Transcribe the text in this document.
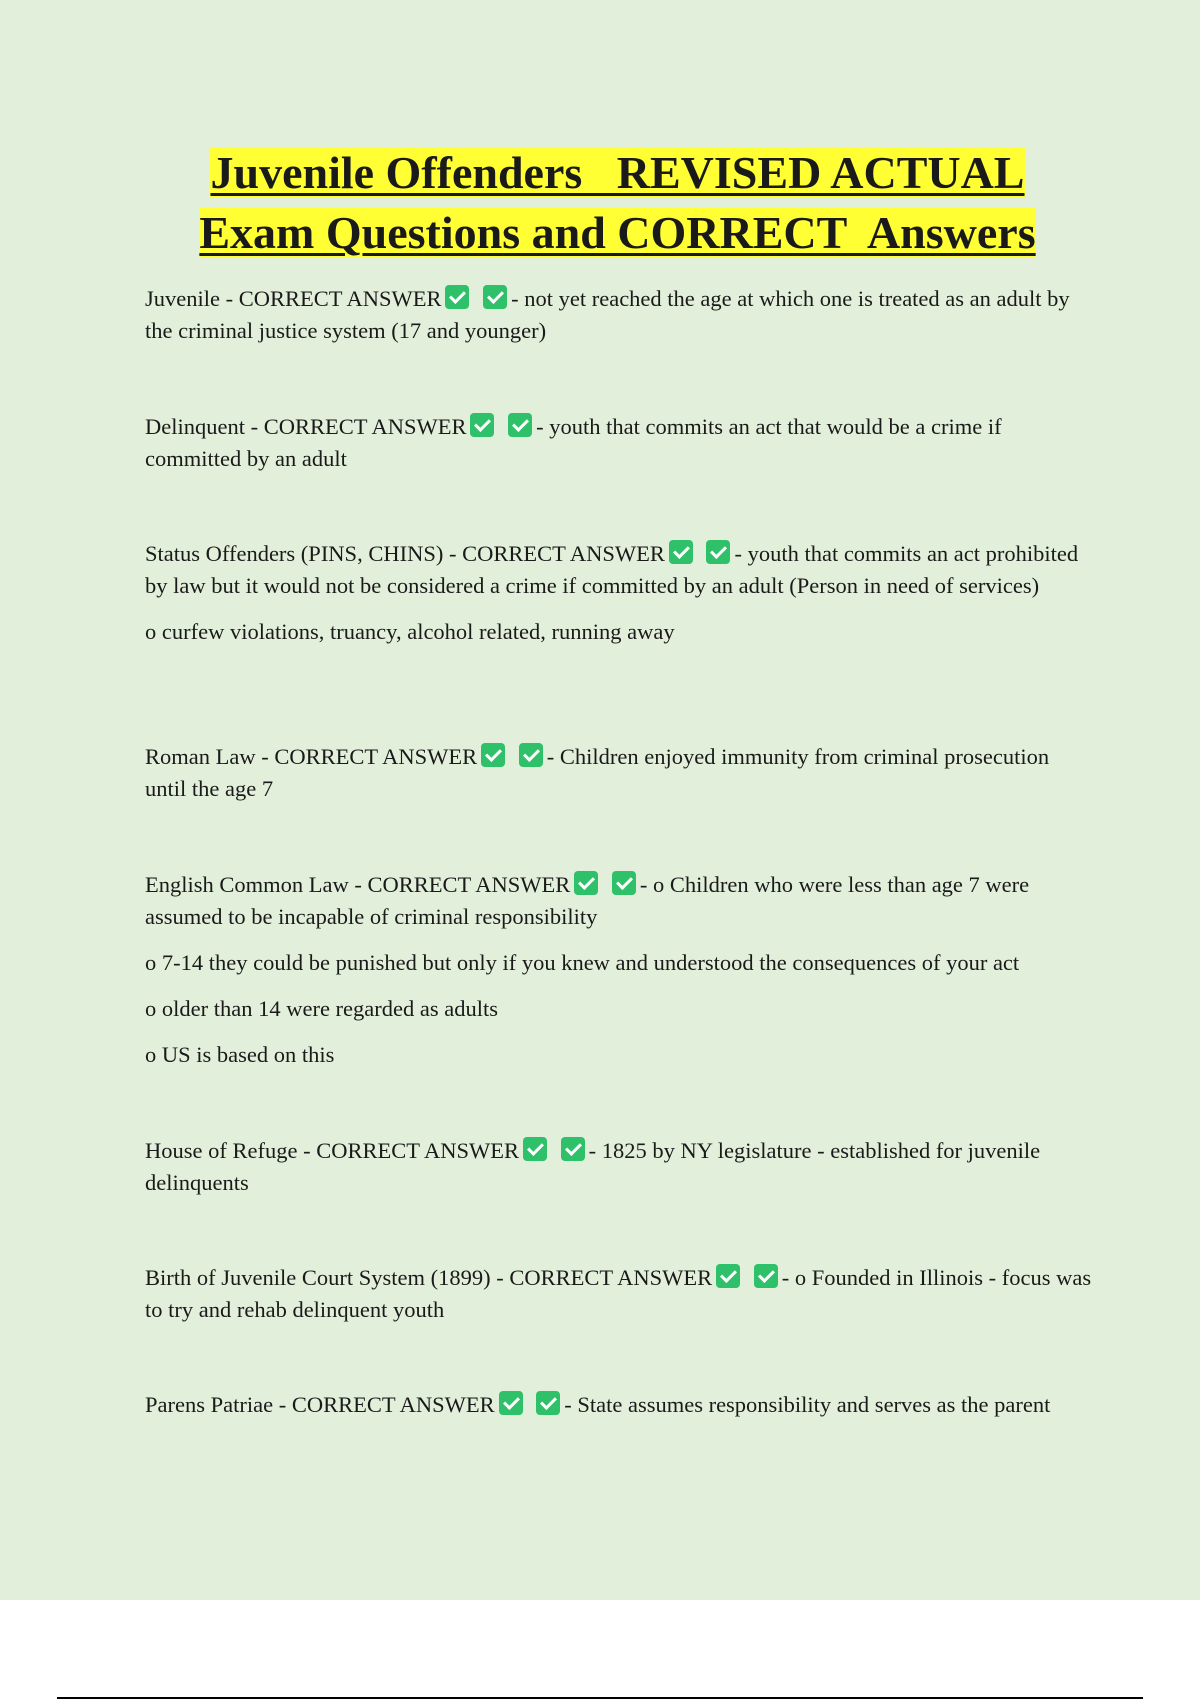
Juvenile Offenders   REVISED ACTUAL
Exam Questions and CORRECT  Answers

Juvenile - CORRECT ANSWER	- not yet reached the age at which one is treated as an adult by the criminal justice system (17 and younger)

Delinquent - CORRECT ANSWER	- youth that commits an act that would be a crime if committed by an adult

Status Offenders (PINS, CHINS) - CORRECT ANSWER	- youth that commits an act prohibited by law but it would not be considered a crime if committed by an adult (Person in need of services)

o curfew violations, truancy, alcohol related, running away

Roman Law - CORRECT ANSWER	- Children enjoyed immunity from criminal prosecution until the age 7

English Common Law - CORRECT ANSWER	- o Children who were less than age 7 were assumed to be incapable of criminal responsibility

o 7-14 they could be punished but only if you knew and understood the consequences of your act

o older than 14 were regarded as adults

o US is based on this

House of Refuge - CORRECT ANSWER	- 1825 by NY legislature - established for juvenile delinquents

Birth of Juvenile Court System (1899) - CORRECT ANSWER	- o Founded in Illinois - focus was to try and rehab delinquent youth

Parens Patriae - CORRECT ANSWER	- State assumes responsibility and serves as the parent
